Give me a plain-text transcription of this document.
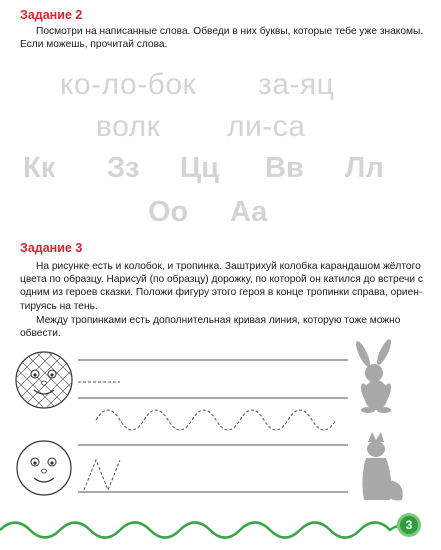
Задание 2
Посмотри на написанные слова. Обведи в них буквы, которые тебе уже знакомы.
Если можешь, прочитай слова.
ко-ло-бок за-яц
волк ли-са
Кк Зз Цц Вв Лл
Оо Аа
Задание 3
На рисунке есть и колобок, и тропинка. Заштрихуй колобка карандашом жёлтого
цвета по образцу. Нарисуй (по образцу) дорожку, по которой он катился до встречи с
одним из героев сказки. Положи фигуру этого героя в конце тропинки справа, ориен-
тируясь на тень.
Между тропинками есть дополнительная кривая линия, которую тоже можно
обвести.
3
